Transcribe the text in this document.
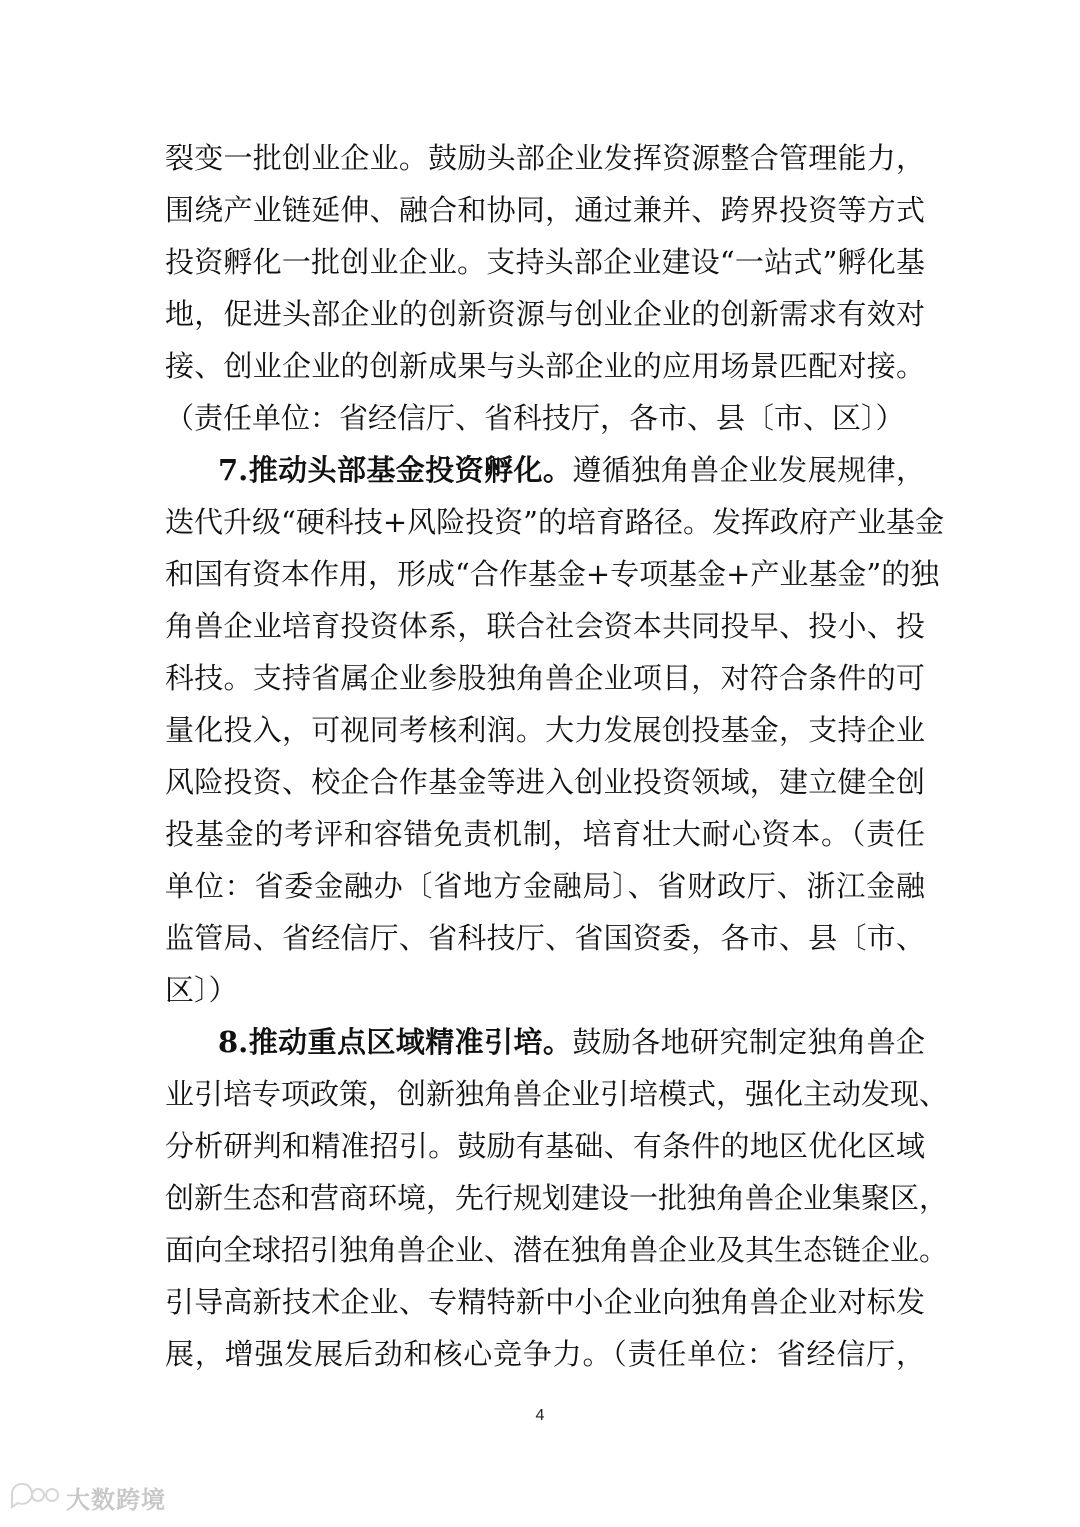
裂变一批创业企业。鼓励头部企业发挥资源整合管理能力，
围绕产业链延伸、融合和协同，通过兼并、跨界投资等方式
投资孵化一批创业企业。支持头部企业建设“一站式”孵化基
地，促进头部企业的创新资源与创业企业的创新需求有效对
接、创业企业的创新成果与头部企业的应用场景匹配对接。
（责任单位：省经信厅、省科技厅，各市、县〔市、区〕）
7.推动头部基金投资孵化。遵循独角兽企业发展规律，
迭代升级“硬科技+风险投资”的培育路径。发挥政府产业基金
和国有资本作用，形成“合作基金+专项基金+产业基金”的独
角兽企业培育投资体系，联合社会资本共同投早、投小、投
科技。支持省属企业参股独角兽企业项目，对符合条件的可
量化投入，可视同考核利润。大力发展创投基金，支持企业
风险投资、校企合作基金等进入创业投资领域，建立健全创
投基金的考评和容错免责机制，培育壮大耐心资本。（责任
单位：省委金融办〔省地方金融局〕、省财政厅、浙江金融
监管局、省经信厅、省科技厅、省国资委，各市、县〔市、
区〕）
8.推动重点区域精准引培。鼓励各地研究制定独角兽企
业引培专项政策，创新独角兽企业引培模式，强化主动发现、
分析研判和精准招引。鼓励有基础、有条件的地区优化区域
创新生态和营商环境，先行规划建设一批独角兽企业集聚区，
面向全球招引独角兽企业、潜在独角兽企业及其生态链企业。
引导高新技术企业、专精特新中小企业向独角兽企业对标发
展，增强发展后劲和核心竞争力。（责任单位：省经信厅，
4
大数跨境
